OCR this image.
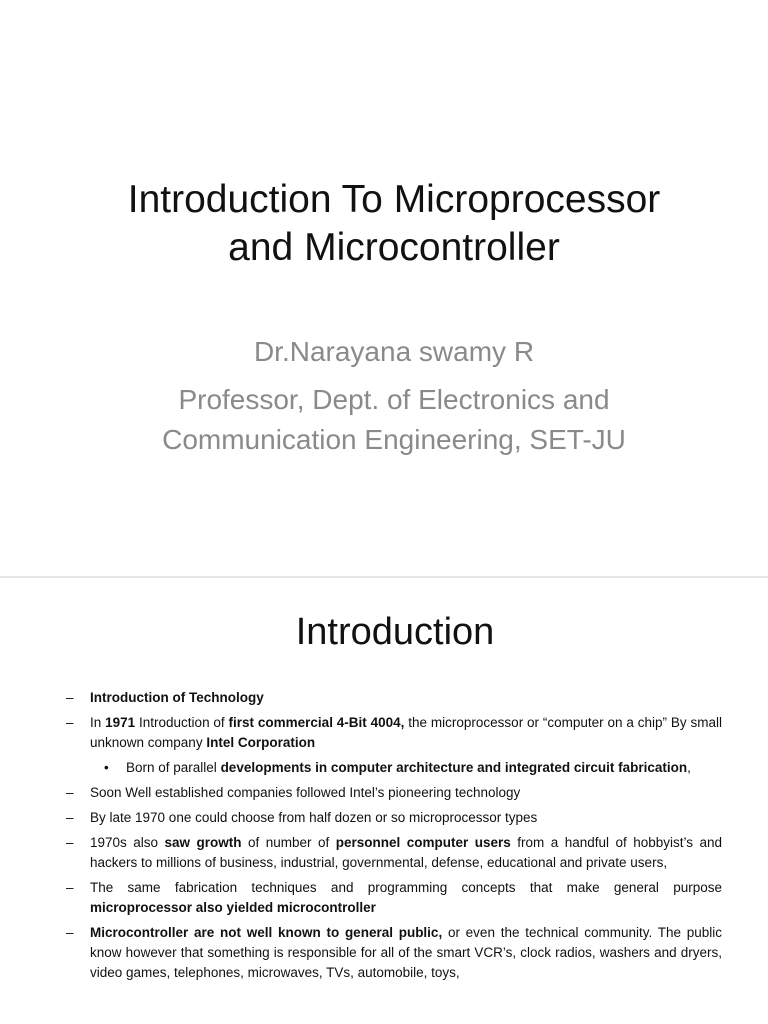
Introduction To Microprocessor
and Microcontroller

Dr.Narayana swamy R

Professor, Dept. of Electronics and
Communication Engineering, SET-JU

Introduction
– Introduction of Technology
– In 1971 Introduction of first commercial 4-Bit 4004, the microprocessor or “computer on a chip” By small unknown company Intel Corporation
• Born of parallel developments in computer architecture and integrated circuit fabrication,
– Soon Well established companies followed Intel’s pioneering technology
– By late 1970 one could choose from half dozen or so microprocessor types
– 1970s also saw growth of number of personnel computer users from a handful of hobbyist’s and hackers to millions of business, industrial, governmental, defense, educational and private users,
– The same fabrication techniques and programming concepts that make general purpose microprocessor also yielded microcontroller
– Microcontroller are not well known to general public, or even the technical community. The public know however that something is responsible for all of the smart VCR’s, clock radios, washers and dryers, video games, telephones, microwaves, TVs, automobile, toys,
